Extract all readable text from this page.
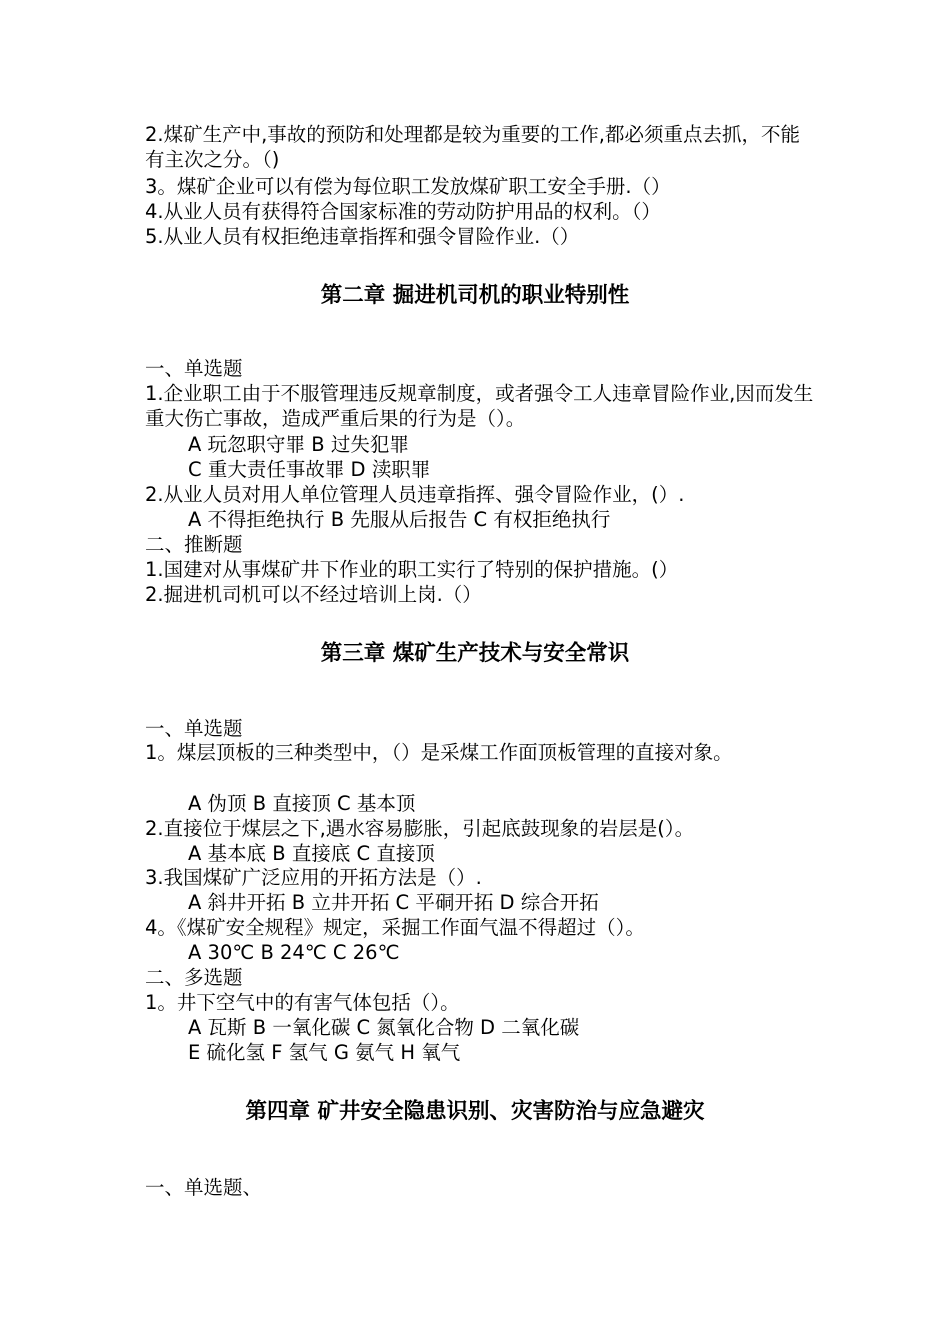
2.煤矿生产中,事故的预防和处理都是较为重要的工作,都必须重点去抓，不能有主次之分。（)
3。煤矿企业可以有偿为每位职工发放煤矿职工安全手册.（）
4.从业人员有获得符合国家标准的劳动防护用品的权利。（）
5.从业人员有权拒绝违章指挥和强令冒险作业.（）
第二章 掘进机司机的职业特别性
一、单选题
1.企业职工由于不服管理违反规章制度，或者强令工人违章冒险作业,因而发生重大伤亡事故，造成严重后果的行为是（）。
A 玩忽职守罪 B 过失犯罪
C 重大责任事故罪 D 渎职罪
2.从业人员对用人单位管理人员违章指挥、强令冒险作业，(）.
A 不得拒绝执行 B 先服从后报告 C 有权拒绝执行
二、推断题
1.国建对从事煤矿井下作业的职工实行了特别的保护措施。(）
2.掘进机司机可以不经过培训上岗.（）
第三章 煤矿生产技术与安全常识
一、单选题
1。煤层顶板的三种类型中，（）是采煤工作面顶板管理的直接对象。
A 伪顶 B 直接顶 C 基本顶
2.直接位于煤层之下,遇水容易膨胀，引起底鼓现象的岩层是(）。
A 基本底 B 直接底 C 直接顶
3.我国煤矿广泛应用的开拓方法是（）.
A 斜井开拓 B 立井开拓 C 平硐开拓 D 综合开拓
4。《煤矿安全规程》规定，采掘工作面气温不得超过（）。
A 30℃ B 24℃ C 26℃
二、多选题
1。井下空气中的有害气体包括（）。
A 瓦斯 B 一氧化碳 C 氮氧化合物 D 二氧化碳
E 硫化氢 F 氢气 G 氨气 H 氧气
第四章 矿井安全隐患识别、灾害防治与应急避灾
一、单选题、
